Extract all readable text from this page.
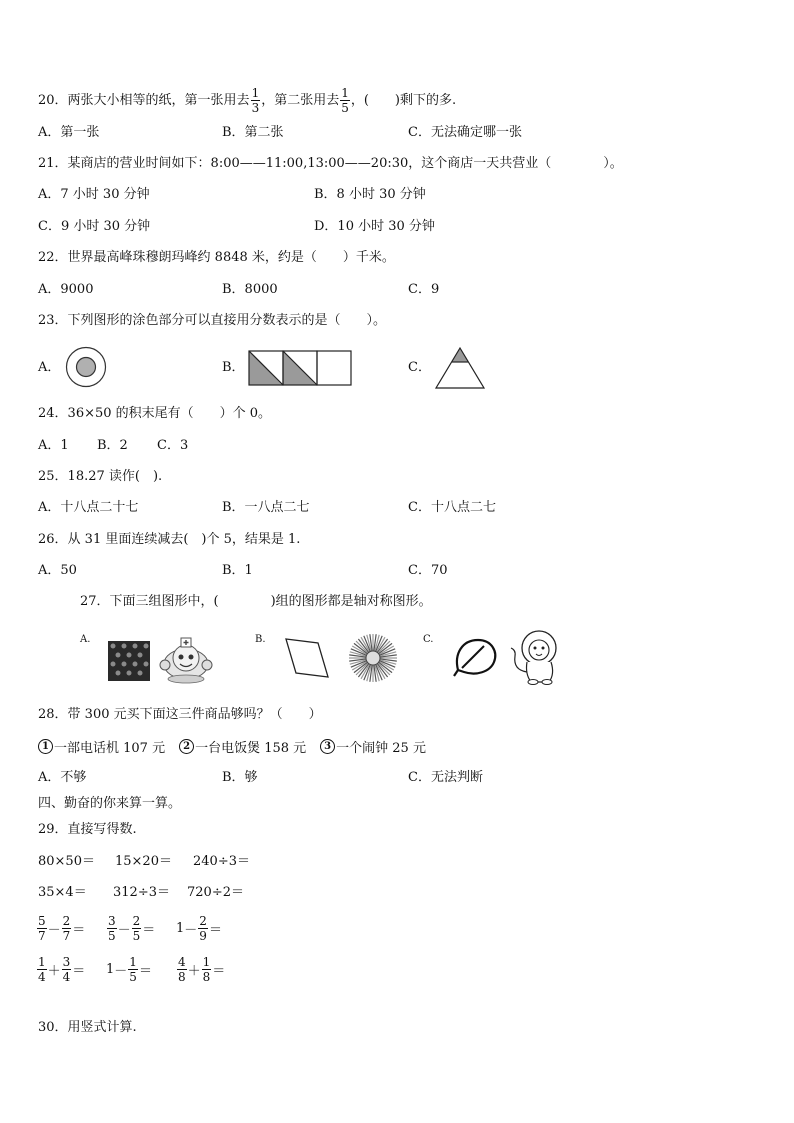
20．两张大小相等的纸，第一张用去 $\frac{1}{3}$ ，第二张用去 $\frac{1}{5}$ ，(　　)剩下的多.
A．第一张	B．第二张	C．无法确定哪一张
21．某商店的营业时间如下：8:00——11:00,13:00——20:30，这个商店一天共营业（　　　　）。
A．7 小时 30 分钟	B．8 小时 30 分钟
C．9 小时 30 分钟	D．10 小时 30 分钟
22．世界最高峰珠穆朗玛峰约 8848 米，约是（　　）千米。
A．9000	B．8000	C．9
23．下列图形的涂色部分可以直接用分数表示的是（　　）。
A．	B．	C．
24．36×50 的积末尾有（　　）个 0。
A．1 B．2 C．3
25．18.27 读作(　).
A．十八点二十七	B．一八点二七	C．十八点二七
26．从 31 里面连续减去(　)个 5，结果是 1.
A．50	B．1	C．70
27．下面三组图形中，(　　　　)组的图形都是轴对称图形。
A.	B.	C.
28．带 300 元买下面这三件商品够吗？（　　）
1 一部电话机 107 元	2 一台电饭煲 158 元	3 一个闹钟 25 元
A．不够	B．够	C．无法判断
四、勤奋的你来算一算。
29．直接写得数.
80×50＝ 15×20＝ 240÷3＝
35×4＝ 312÷3＝ 720÷2＝
$\frac{5}{7} - \frac{2}{7} = \frac{3}{5} - \frac{2}{5} = 1 - \frac{2}{9}$ ＝
$\frac{1}{4} + \frac{3}{4} = 1 - \frac{1}{5} = \frac{4}{8} + \frac{1}{8}$ ＝
30．用竖式计算.
